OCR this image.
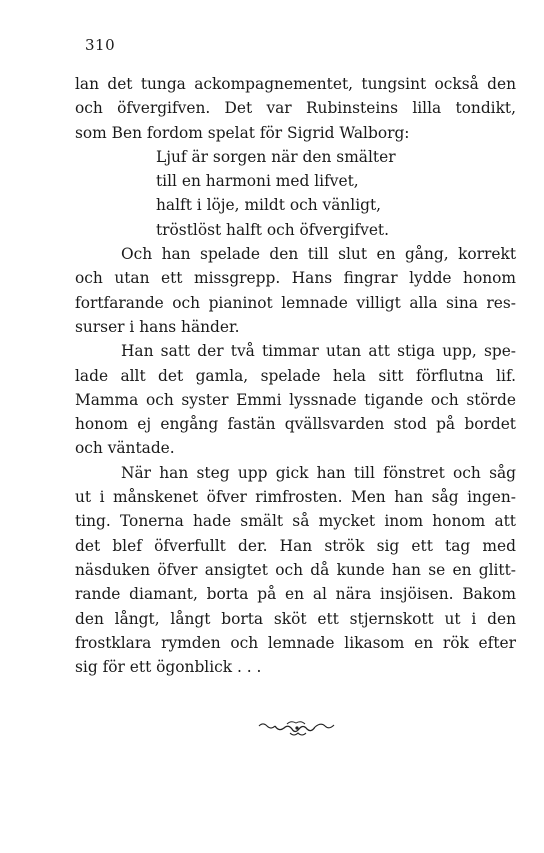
310
lan det tunga ackompagnementet, tungsint också den
och öfvergifven. Det var Rubinsteins lilla tondikt,
som Ben fordom spelat för Sigrid Walborg:
Ljuf är sorgen när den smälter
till en harmoni med lifvet,
halft i löje, mildt och vänligt,
tröstlöst halft och öfvergifvet.
Och han spelade den till slut en gång, korrekt
och utan ett missgrepp. Hans fingrar lydde honom
fortfarande och pianinot lemnade villigt alla sina res-
surser i hans händer.
Han satt der två timmar utan att stiga upp, spe-
lade allt det gamla, spelade hela sitt förflutna lif.
Mamma och syster Emmi lyssnade tigande och störde
honom ej engång fastän qvällsvarden stod på bordet
och väntade.
När han steg upp gick han till fönstret och såg
ut i månskenet öfver rimfrosten. Men han såg ingen-
ting. Tonerna hade smält så mycket inom honom att
det blef öfverfullt der. Han strök sig ett tag med
näsduken öfver ansigtet och då kunde han se en glitt-
rande diamant, borta på en al nära insjöisen. Bakom
den långt, långt borta sköt ett stjernskott ut i den
frostklara rymden och lemnade likasom en rök efter
sig för ett ögonblick . . .
